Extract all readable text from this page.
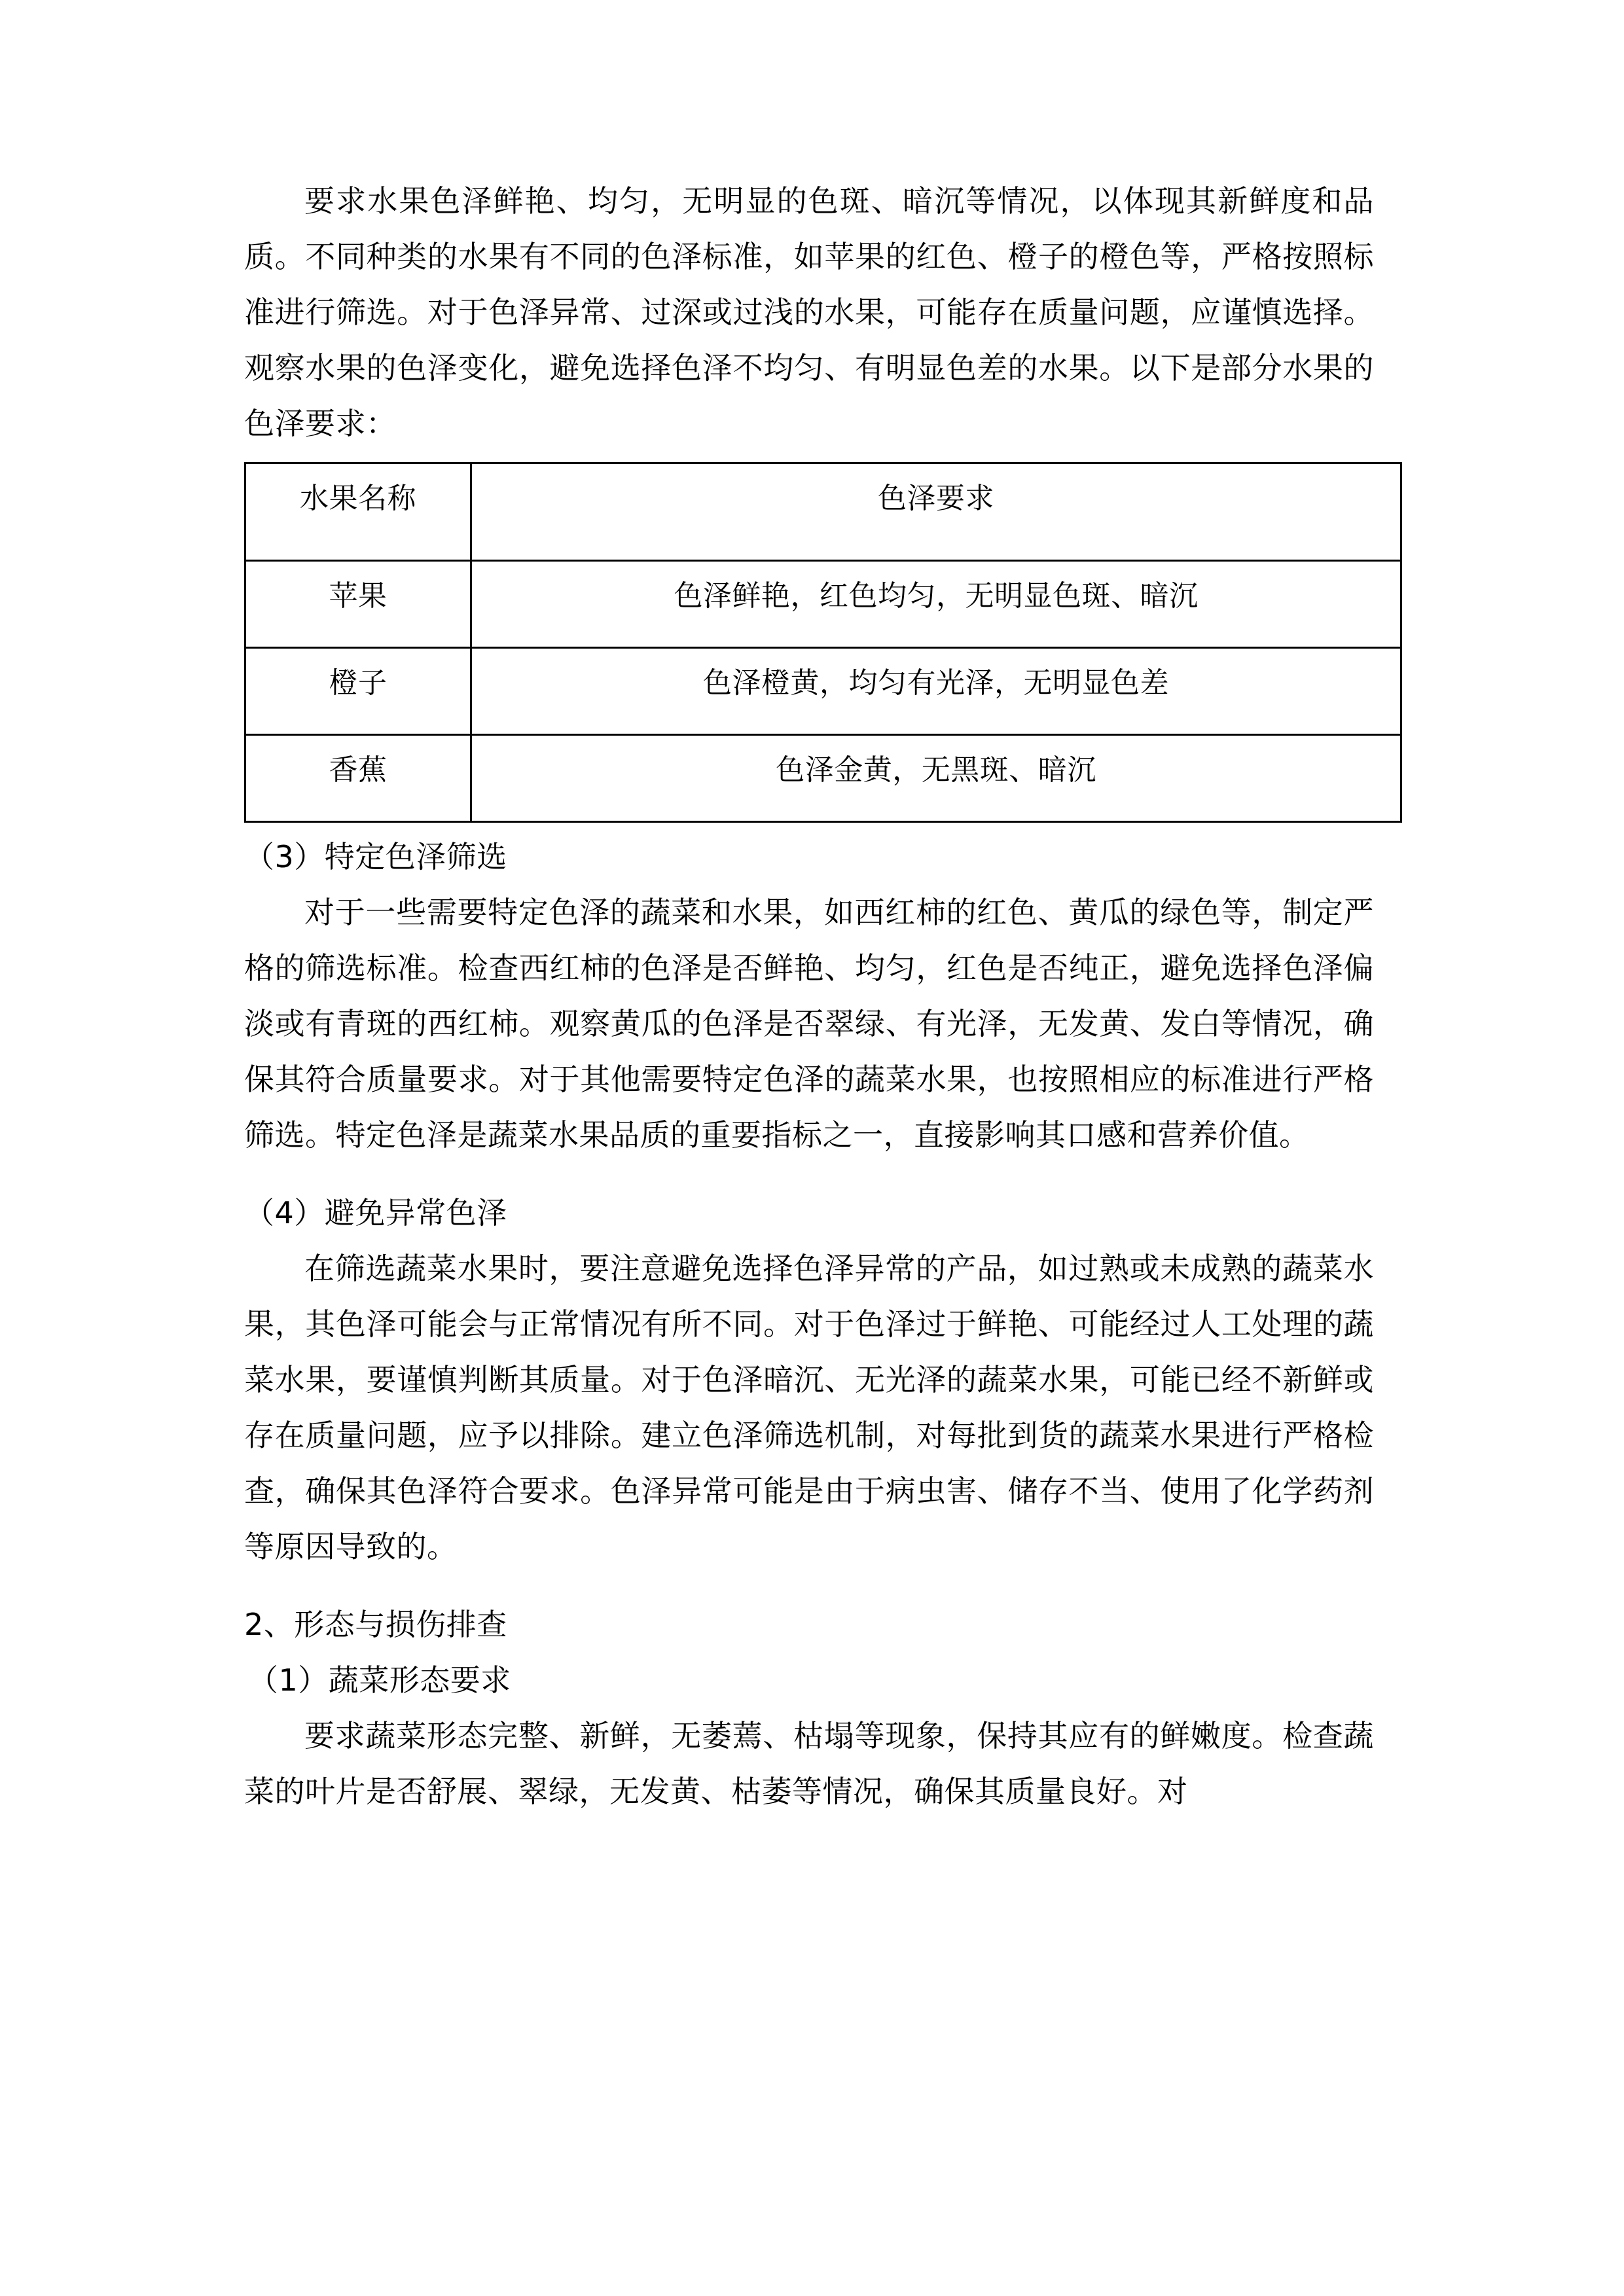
要求水果色泽鲜艳、均匀，无明显的色斑、暗沉等情况，以体现其新鲜度和品质。不同种类的水果有不同的色泽标准，如苹果的红色、橙子的橙色等，严格按照标准进行筛选。对于色泽异常、过深或过浅的水果，可能存在质量问题，应谨慎选择。观察水果的色泽变化，避免选择色泽不均匀、有明显色差的水果。以下是部分水果的色泽要求：

水果名称	色泽要求
苹果	色泽鲜艳，红色均匀，无明显色斑、暗沉
橙子	色泽橙黄，均匀有光泽，无明显色差
香蕉	色泽金黄，无黑斑、暗沉

（3）特定色泽筛选

对于一些需要特定色泽的蔬菜和水果，如西红柿的红色、黄瓜的绿色等，制定严格的筛选标准。检查西红柿的色泽是否鲜艳、均匀，红色是否纯正，避免选择色泽偏淡或有青斑的西红柿。观察黄瓜的色泽是否翠绿、有光泽，无发黄、发白等情况，确保其符合质量要求。对于其他需要特定色泽的蔬菜水果，也按照相应的标准进行严格筛选。特定色泽是蔬菜水果品质的重要指标之一，直接影响其口感和营养价值。

（4）避免异常色泽

在筛选蔬菜水果时，要注意避免选择色泽异常的产品，如过熟或未成熟的蔬菜水果，其色泽可能会与正常情况有所不同。对于色泽过于鲜艳、可能经过人工处理的蔬菜水果，要谨慎判断其质量。对于色泽暗沉、无光泽的蔬菜水果，可能已经不新鲜或存在质量问题，应予以排除。建立色泽筛选机制，对每批到货的蔬菜水果进行严格检查，确保其色泽符合要求。色泽异常可能是由于病虫害、储存不当、使用了化学药剂等原因导致的。

2、形态与损伤排查

（1）蔬菜形态要求

要求蔬菜形态完整、新鲜，无萎蔫、枯塌等现象，保持其应有的鲜嫩度。检查蔬菜的叶片是否舒展、翠绿，无发黄、枯萎等情况，确保其质量良好。对
